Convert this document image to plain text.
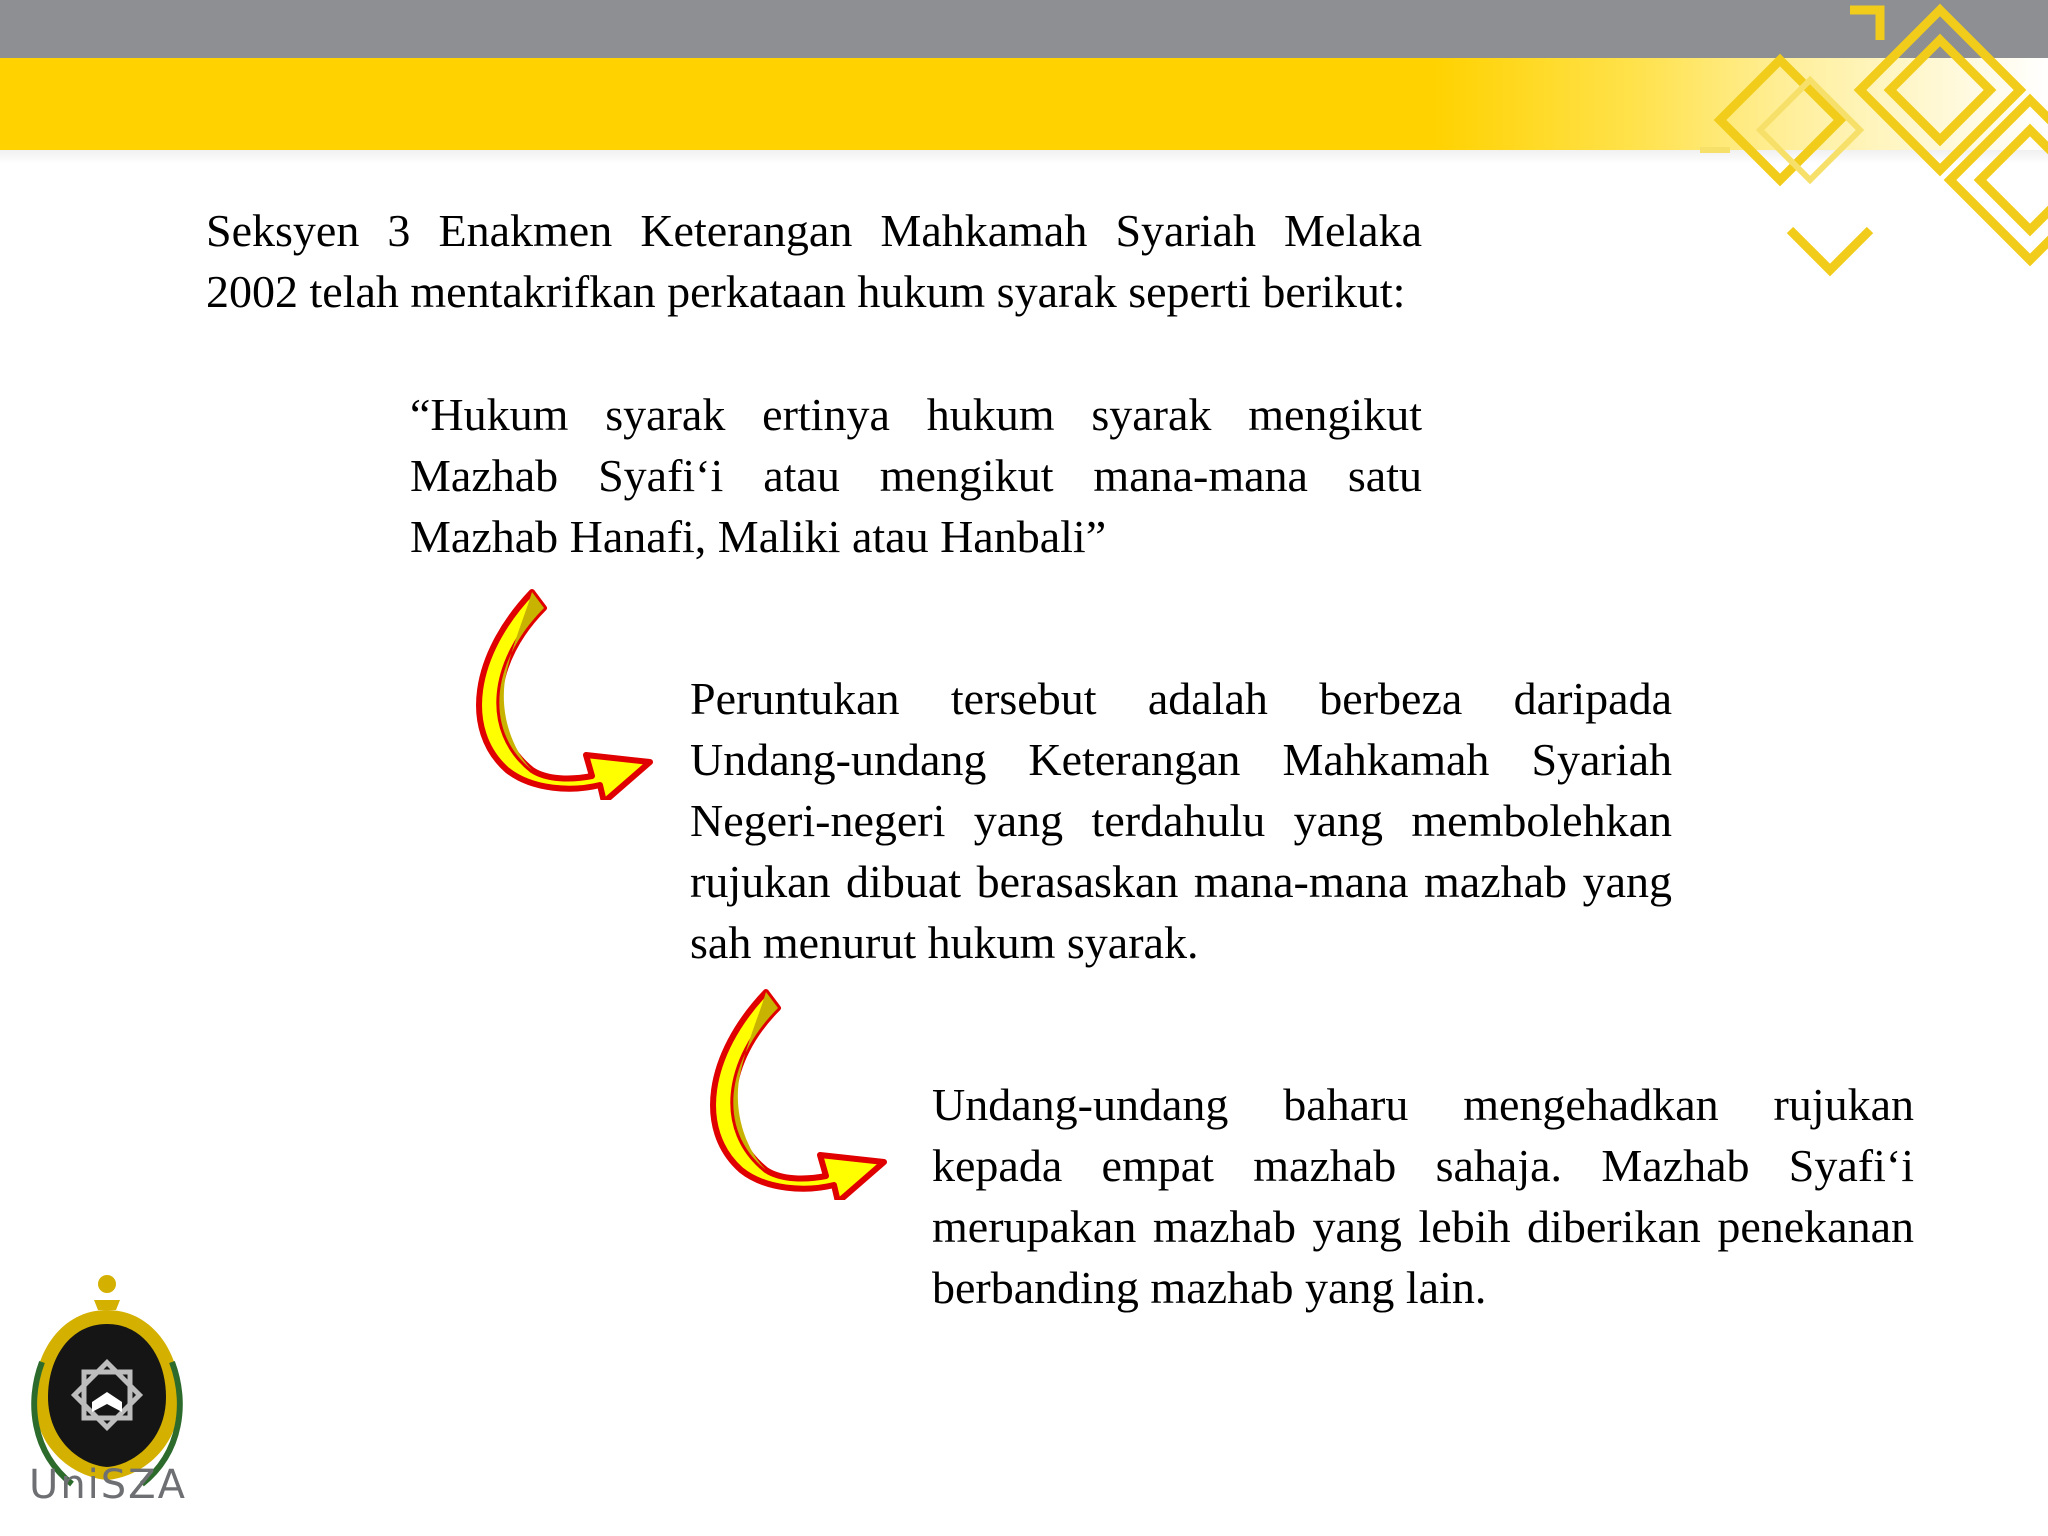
Seksyen 3 Enakmen Keterangan Mahkamah Syariah Melaka 2002 telah mentakrifkan perkataan hukum syarak seperti berikut:

“Hukum syarak ertinya hukum syarak mengikut Mazhab Syafi‘i atau mengikut mana-mana satu Mazhab Hanafi, Maliki atau Hanbali”

Peruntukan tersebut adalah berbeza daripada Undang-undang Keterangan Mahkamah Syariah Negeri-negeri yang terdahulu yang membolehkan rujukan dibuat berasaskan mana-mana mazhab yang sah menurut hukum syarak.

Undang-undang baharu mengehadkan rujukan kepada empat mazhab sahaja. Mazhab Syafi‘i merupakan mazhab yang lebih diberikan penekanan berbanding mazhab yang lain.

UniSZA
